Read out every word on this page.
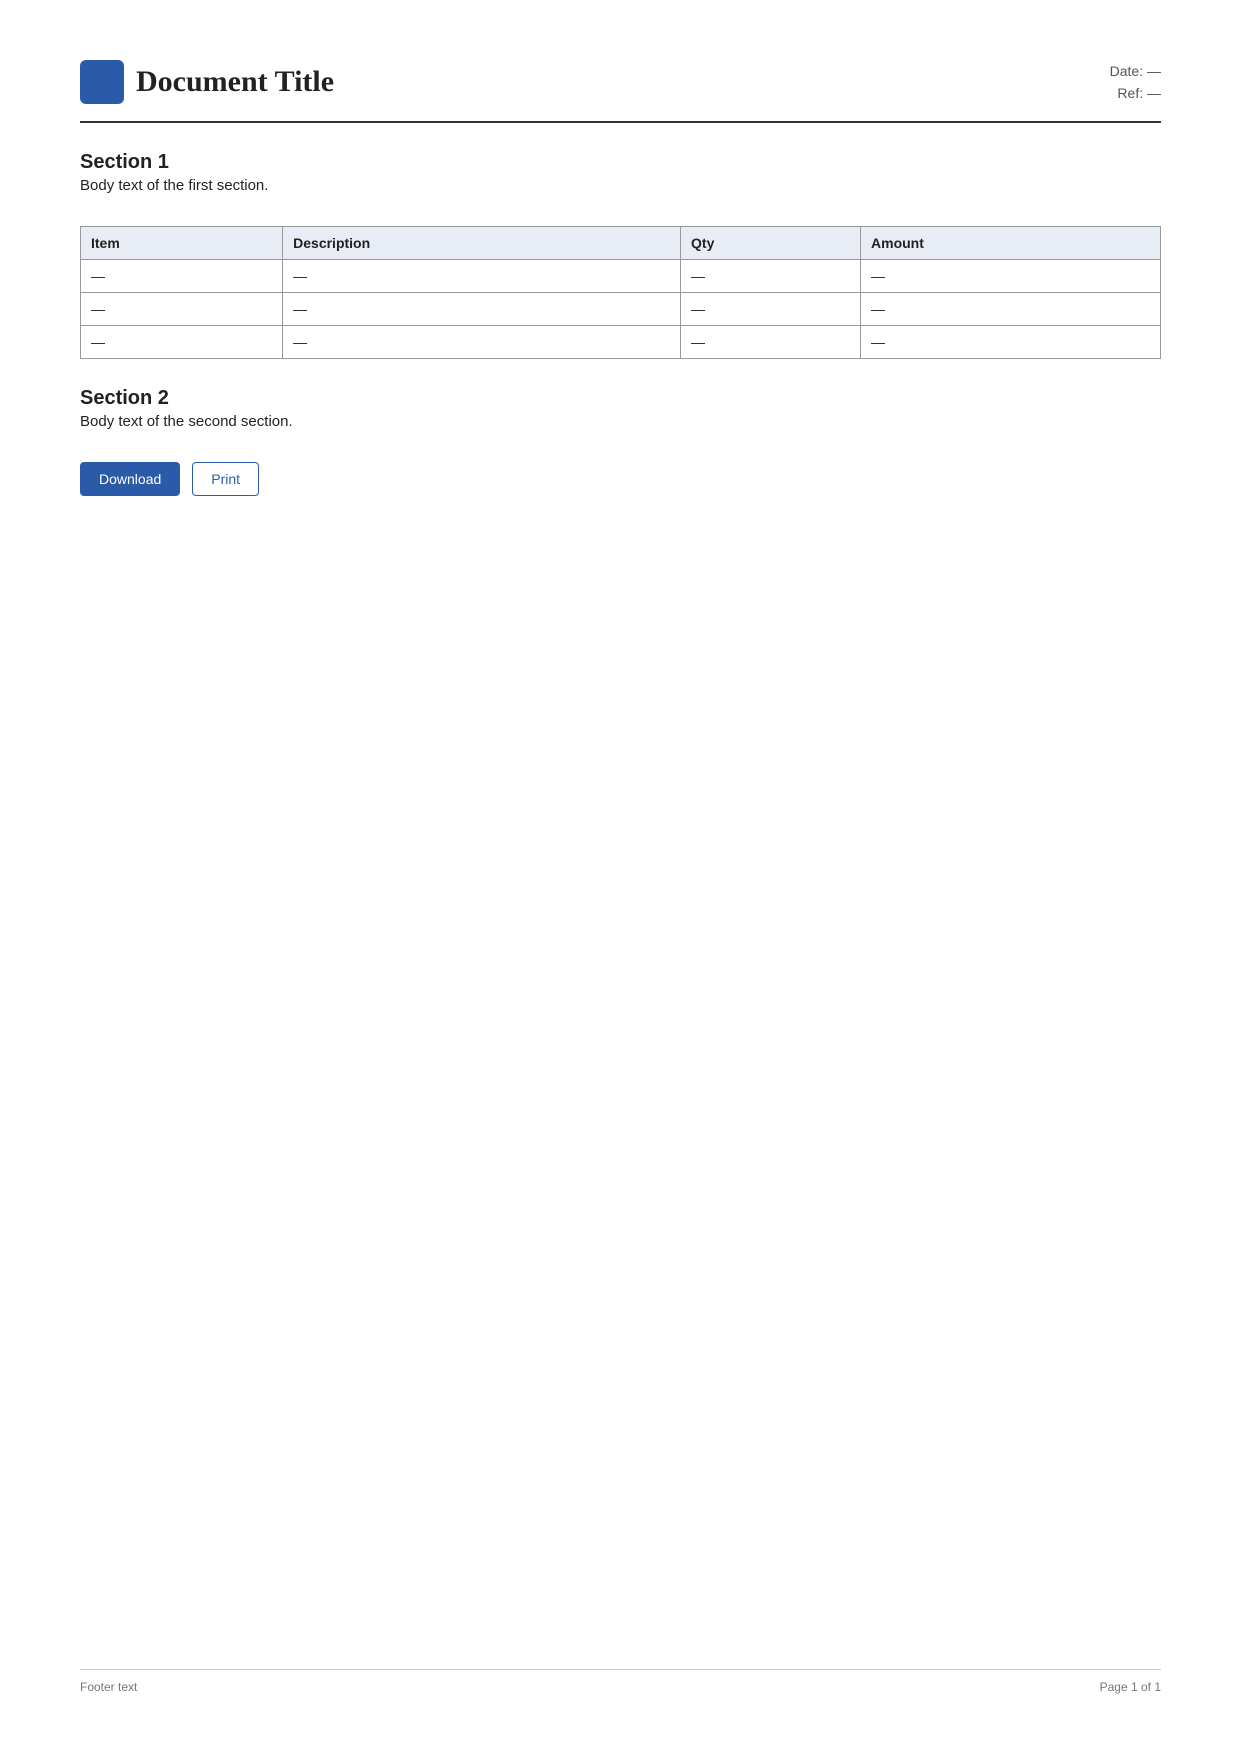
Document Title	Date: —
Ref: —
Section 1

Body text of the first section.

Item	Description	Qty	Amount
—	—	—	—
—	—	—	—
—	—	—	—
Section 2

Body text of the second section.

Download	Print
Footer text	Page 1 of 1
